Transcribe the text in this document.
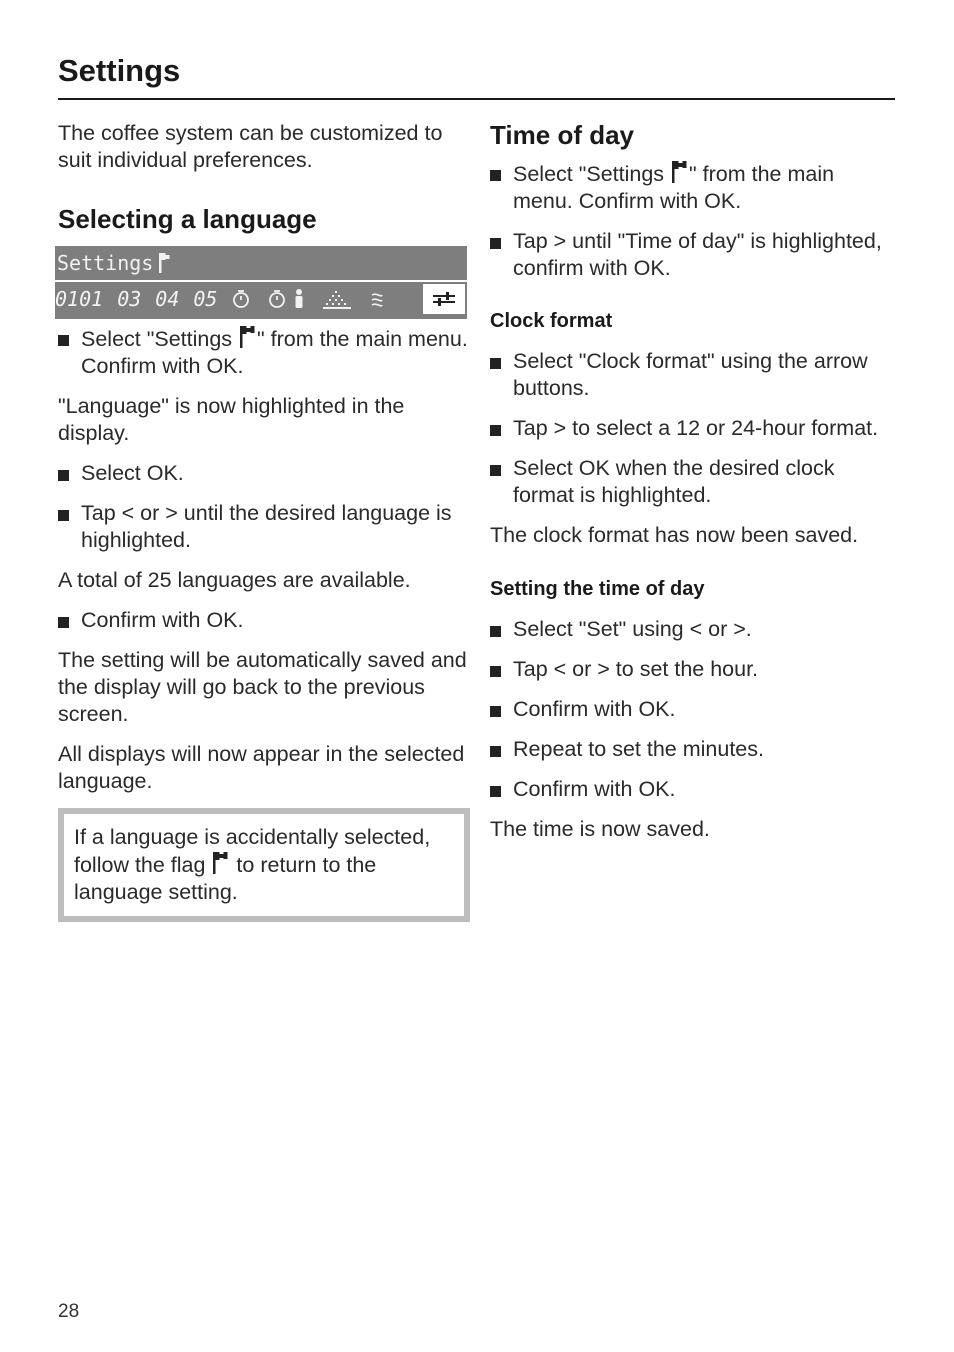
Settings

The coffee system can be customized to suit individual preferences.

Selecting a language
Settings
01 01 03 04 05
Select "Settings " from the main menu. Confirm with OK.

"Language" is now highlighted in the display.

Select OK.
Tap < or > until the desired language is highlighted.

A total of 25 languages are available.

Confirm with OK.

The setting will be automatically saved and the display will go back to the previous screen.

All displays will now appear in the selected language.

If a language is accidentally selected, follow the flag  to return to the language setting.

Time of day
Select "Settings " from the main menu. Confirm with OK.
Tap > until "Time of day" is highlighted, confirm with OK.
Clock format
Select "Clock format" using the arrow buttons.
Tap > to select a 12 or 24-hour format.
Select OK when the desired clock format is highlighted.

The clock format has now been saved.

Setting the time of day
Select "Set" using < or >.
Tap < or > to set the hour.
Confirm with OK.
Repeat to set the minutes.
Confirm with OK.

The time is now saved.

28
